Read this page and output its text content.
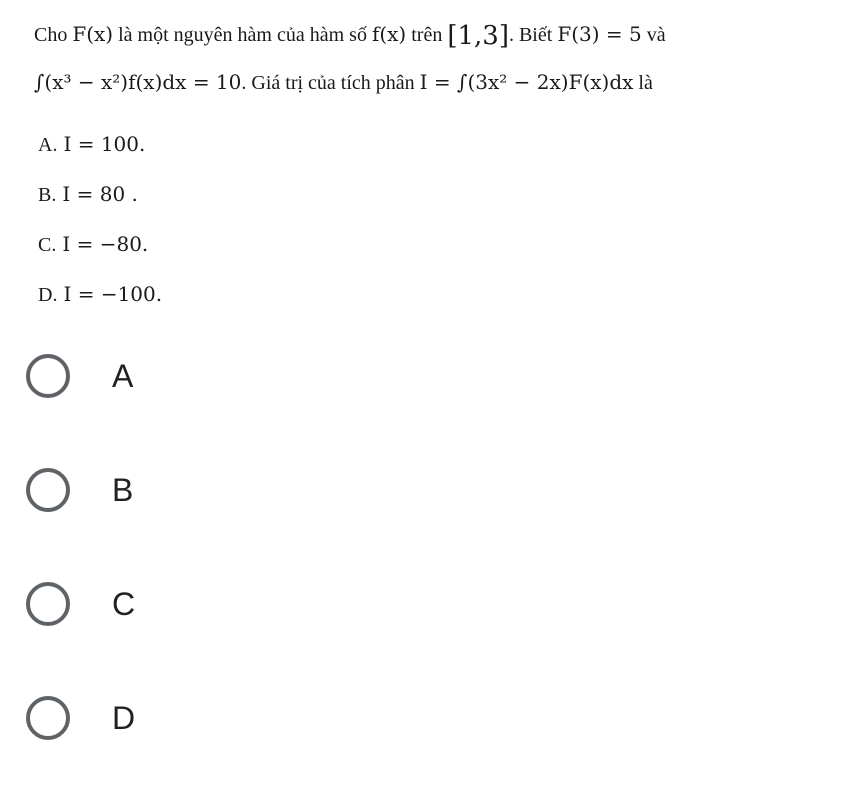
Cho F(x) là một nguyên hàm của hàm số f(x) trên [1,3]. Biết F(3) = 5 và
∫(x³ − x²)f(x)dx = 10. Giá trị của tích phân I = ∫(3x² − 2x)F(x)dx là
A. I = 100.
B. I = 80 .
C. I = −80.
D. I = −100.
A
B
C
D
